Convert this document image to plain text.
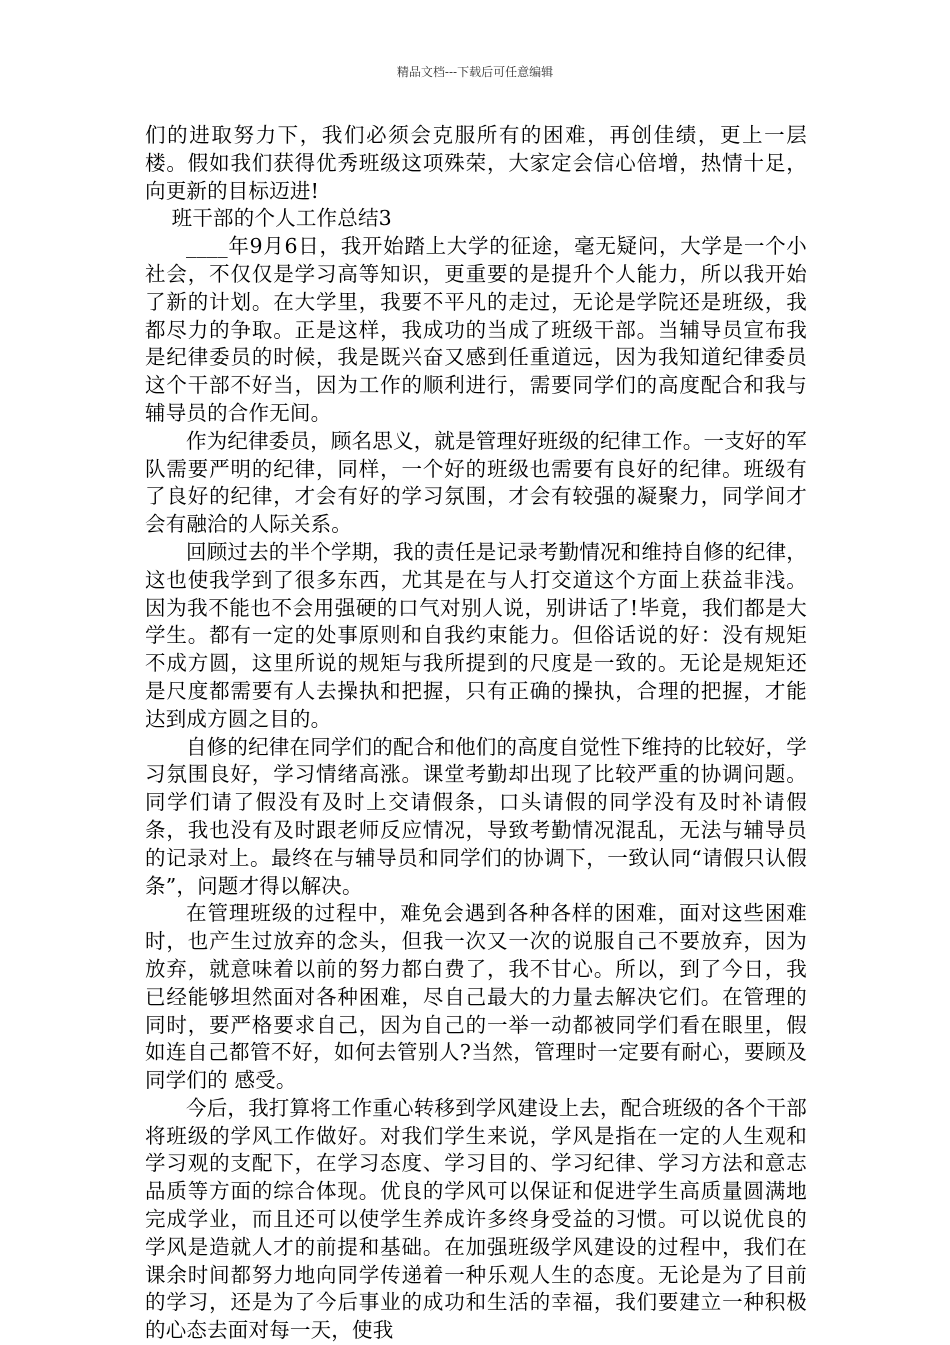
精品文档---下载后可任意编辑

们的进取努力下，我们必须会克服所有的困难，再创佳绩，更上一层楼。假如我们获得优秀班级这项殊荣，大家定会信心倍增，热情十足，向更新的目标迈进!

班干部的个人工作总结3

____年9月6日，我开始踏上大学的征途，毫无疑问，大学是一个小社会，不仅仅是学习高等知识，更重要的是提升个人能力，所以我开始了新的计划。在大学里，我要不平凡的走过，无论是学院还是班级，我都尽力的争取。正是这样，我成功的当成了班级干部。当辅导员宣布我是纪律委员的时候，我是既兴奋又感到任重道远，因为我知道纪律委员这个干部不好当，因为工作的顺利进行，需要同学们的高度配合和我与辅导员的合作无间。

作为纪律委员，顾名思义，就是管理好班级的纪律工作。一支好的军队需要严明的纪律，同样，一个好的班级也需要有良好的纪律。班级有了良好的纪律，才会有好的学习氛围，才会有较强的凝聚力，同学间才会有融洽的人际关系。

回顾过去的半个学期，我的责任是记录考勤情况和维持自修的纪律，这也使我学到了很多东西，尤其是在与人打交道这个方面上获益非浅。因为我不能也不会用强硬的口气对别人说，别讲话了!毕竟，我们都是大学生。都有一定的处事原则和自我约束能力。但俗话说的好：没有规矩不成方圆，这里所说的规矩与我所提到的尺度是一致的。无论是规矩还是尺度都需要有人去操执和把握，只有正确的操执，合理的把握，才能达到成方圆之目的。

自修的纪律在同学们的配合和他们的高度自觉性下维持的比较好，学习氛围良好，学习情绪高涨。课堂考勤却出现了比较严重的协调问题。同学们请了假没有及时上交请假条，口头请假的同学没有及时补请假条，我也没有及时跟老师反应情况，导致考勤情况混乱，无法与辅导员的记录对上。最终在与辅导员和同学们的协调下，一致认同“请假只认假条”，问题才得以解决。

在管理班级的过程中，难免会遇到各种各样的困难，面对这些困难时，也产生过放弃的念头，但我一次又一次的说服自己不要放弃，因为放弃，就意味着以前的努力都白费了，我不甘心。所以，到了今日，我已经能够坦然面对各种困难，尽自己最大的力量去解决它们。在管理的同时，要严格要求自己，因为自己的一举一动都被同学们看在眼里，假如连自己都管不好，如何去管别人?当然，管理时一定要有耐心，要顾及同学们的 感受。

今后，我打算将工作重心转移到学风建设上去，配合班级的各个干部将班级的学风工作做好。对我们学生来说，学风是指在一定的人生观和学习观的支配下，在学习态度、学习目的、学习纪律、学习方法和意志品质等方面的综合体现。优良的学风可以保证和促进学生高质量圆满地完成学业，而且还可以使学生养成许多终身受益的习惯。可以说优良的学风是造就人才的前提和基础。在加强班级学风建设的过程中，我们在课余时间都努力地向同学传递着一种乐观人生的态度。无论是为了目前的学习，还是为了今后事业的成功和生活的幸福，我们要建立一种积极的心态去面对每一天，使我
